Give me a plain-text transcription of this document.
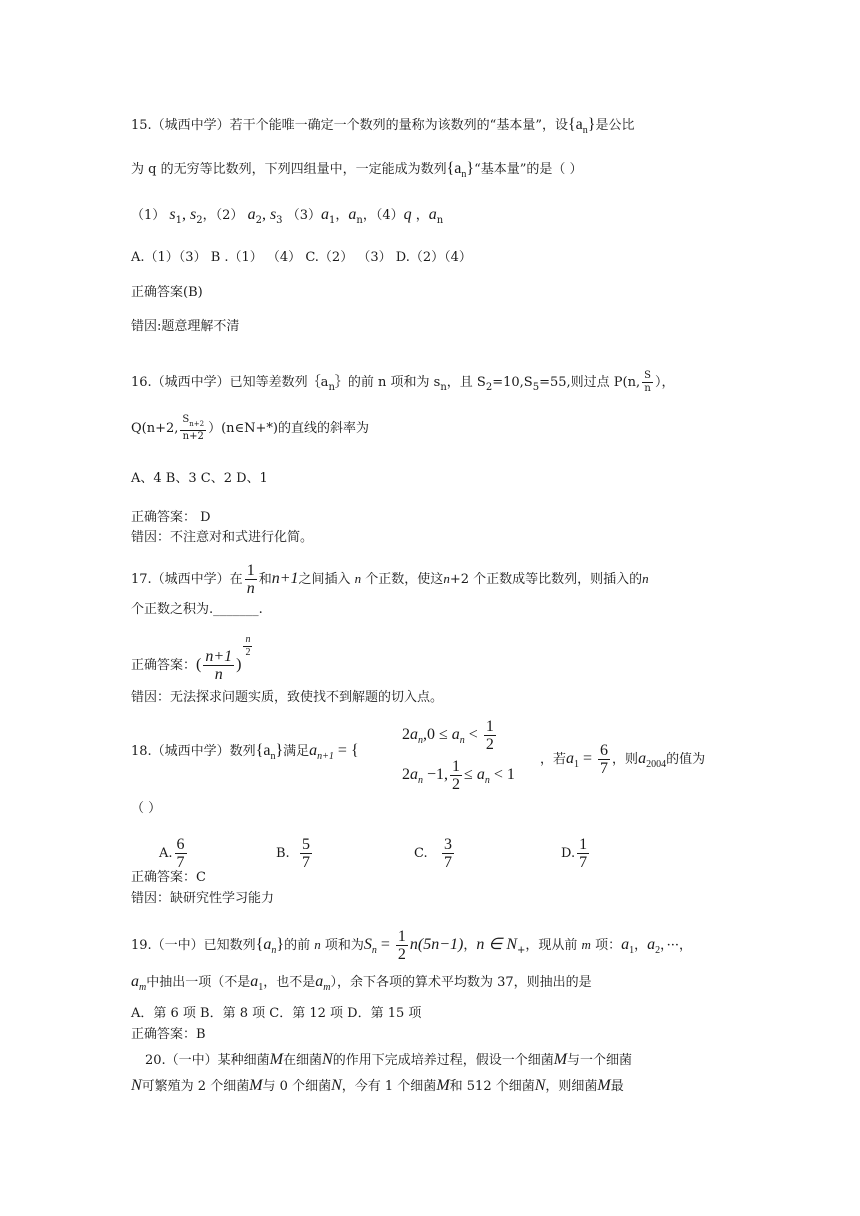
15.（城西中学）若干个能唯一确定一个数列的量称为该数列的“基本量”，设$\{a_n\}$是公比
为 q 的无穷等比数列，下列四组量中，一定能成为数列$\{a_n\}“$基本量”的是（ ）
（1） $s_1$, $s_2$，（2） $a_2$, $s_3$ $(3)a_1$，$a_n$，（4）q ，$a_n$
A.（1）（3） B .（1） （4） C.（2） （3） D.（2）（4）
正确答案(B)
错因:题意理解不清
16.（城西中学）已知等差数列$\{a_n\}$的前 n 项和为 $s_n$，且 $S_2=10,S_5=55$,则过点 P(n, $\frac{S}{n}$ ），
Q(n+2, $\frac{S_{n+2}}{n+2}$ ）(n∈N+*)的直线的斜率为
A、4 B、3 C、2 D、1
正确答案： D
错因：不注意对和式进行化简。
17.（城西中学）在 $\frac{1}{n}$ 和n+1之间插入 n 个正数，使这n+2 个正数成等比数列，则插入的n
个正数之积为._______.
正确答案：( $\frac{n+1}{n}$ )
$\frac{n}{2}$
错因：无法探求问题实质，致使找不到解题的切入点。
18.（城西中学）数列$\{a_n\}$满足$a_{n+1}$ = {
$2a_n,0 \le a_n < \frac{1}{2}$
$2a_n -1$, $\frac{1}{2} \le a_n < 1$
，若$a_1 = \frac{6}{7}$ ，则$a_{2004}$的值为
（ ）
A. $\frac{6}{7}$	B. $\frac{5}{7}$	C. $\frac{3}{7}$	D. $\frac{1}{7}$
正确答案：C
错因：缺研究性学习能力
19.（一中）已知数列$\{a_n\}$的前 n 项和为$S_n = \frac{1}{2} n(5n-1)$，n ∈ $N_+$，现从前 m 项：$a_1$，$a_2$，···，
$a_m$中抽出一项（不是$a_1$，也不是$a_m$），余下各项的算术平均数为 37，则抽出的是
A．第 6 项 B．第 8 项 C．第 12 项 D．第 15 项
正确答案：B
20.（一中）某种细菌M在细菌N的作用下完成培养过程，假设一个细菌M与一个细菌
N可繁殖为 2 个细菌M与 0 个细菌N，今有 1 个细菌M和 512 个细菌N，则细菌M最
